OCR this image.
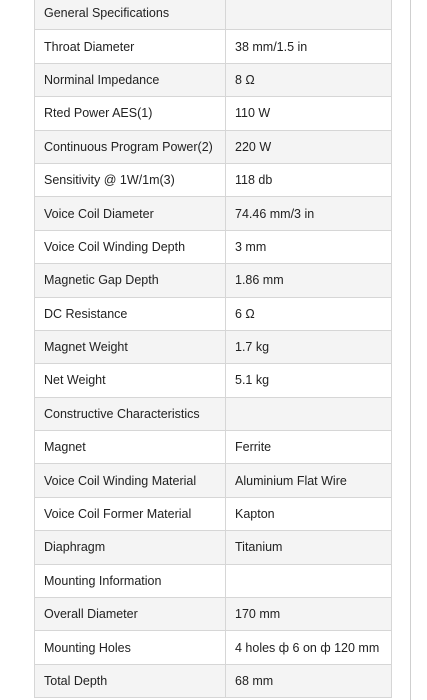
General Specifications	
Throat Diameter	38 mm/1.5 in
Norminal Impedance	8 Ω
Rted Power AES(1)	110 W
Continuous Program Power(2)	220 W
Sensitivity @ 1W/1m(3)	118 db
Voice Coil Diameter	74.46 mm/3 in
Voice Coil Winding Depth	3 mm
Magnetic Gap Depth	1.86 mm
DC Resistance	6 Ω
Magnet Weight	1.7 kg
Net Weight	5.1 kg
Constructive Characteristics	
Magnet	Ferrite
Voice Coil Winding Material	Aluminium Flat Wire
Voice Coil Former Material	Kapton
Diaphragm	Titanium
Mounting Information	
Overall Diameter	170 mm
Mounting Holes	4 holes ф 6 on ф 120 mm
Total Depth	68 mm
